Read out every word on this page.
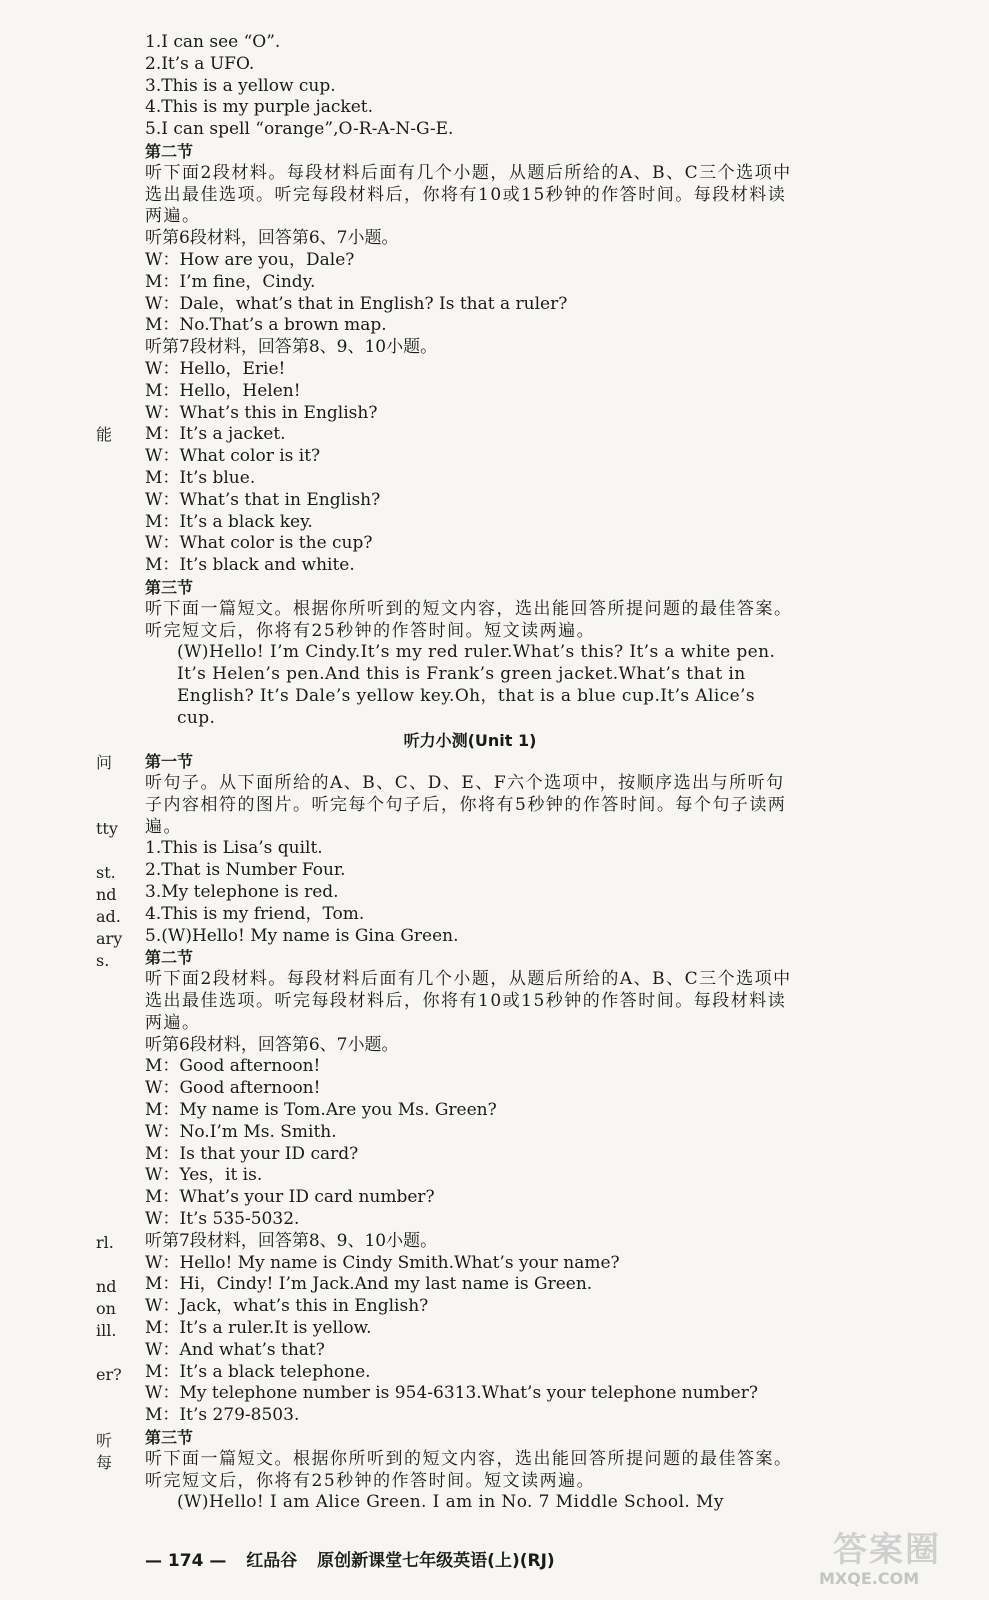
能
问
tty
st.
nd
ad.
ary
s.
rl.
nd
on
ill.
er?
听
每
1.I can see “O”.
2.It’s a UFO.
3.This is a yellow cup.
4.This is my purple jacket.
5.I can spell “orange”,O-R-A-N-G-E.
第二节
听下面2段材料。每段材料后面有几个小题，从题后所给的A、B、C三个选项中选出最佳选项。听完每段材料后，你将有10或15秒钟的作答时间。每段材料读两遍。
听第6段材料，回答第6、7小题。
W：How are you，Dale?
M：I’m fine，Cindy.
W：Dale，what’s that in English? Is that a ruler?
M：No.That’s a brown map.
听第7段材料，回答第8、9、10小题。
W：Hello，Erie!
M：Hello，Helen!
W：What’s this in English?
M：It’s a jacket.
W：What color is it?
M：It’s blue.
W：What’s that in English?
M：It’s a black key.
W：What color is the cup?
M：It’s black and white.
第三节
听下面一篇短文。根据你所听到的短文内容，选出能回答所提问题的最佳答案。听完短文后，你将有25秒钟的作答时间。短文读两遍。
(W)Hello! I’m Cindy.It’s my red ruler.What’s this? It’s a white pen. It’s Helen’s pen.And this is Frank’s green jacket.What’s that in English? It’s Dale’s yellow key.Oh，that is a blue cup.It’s Alice’s cup.
听力小测(Unit 1)
第一节
听句子。从下面所给的A、B、C、D、E、F六个选项中，按顺序选出与所听句子内容相符的图片。听完每个句子后，你将有5秒钟的作答时间。每个句子读两遍。
1.This is Lisa’s quilt.
2.That is Number Four.
3.My telephone is red.
4.This is my friend，Tom.
5.(W)Hello! My name is Gina Green.
第二节
听下面2段材料。每段材料后面有几个小题，从题后所给的A、B、C三个选项中选出最佳选项。听完每段材料后，你将有10或15秒钟的作答时间。每段材料读两遍。
听第6段材料，回答第6、7小题。
M：Good afternoon!
W：Good afternoon!
M：My name is Tom.Are you Ms. Green?
W：No.I’m Ms. Smith.
M：Is that your ID card?
W：Yes，it is.
M：What’s your ID card number?
W：It’s 535-5032.
听第7段材料，回答第8、9、10小题。
W：Hello! My name is Cindy Smith.What’s your name?
M：Hi，Cindy! I’m Jack.And my last name is Green.
W：Jack，what’s this in English?
M：It’s a ruler.It is yellow.
W：And what’s that?
M：It’s a black telephone.
W：My telephone number is 954-6313.What’s your telephone number?
M：It’s 279-8503.
第三节
听下面一篇短文。根据你所听到的短文内容，选出能回答所提问题的最佳答案。听完短文后，你将有25秒钟的作答时间。短文读两遍。
(W)Hello! I am Alice Green. I am in No. 7 Middle School. My
— 174 — 红品谷 原创新课堂七年级英语(上)(RJ)	答案圈
MXQE.COM
